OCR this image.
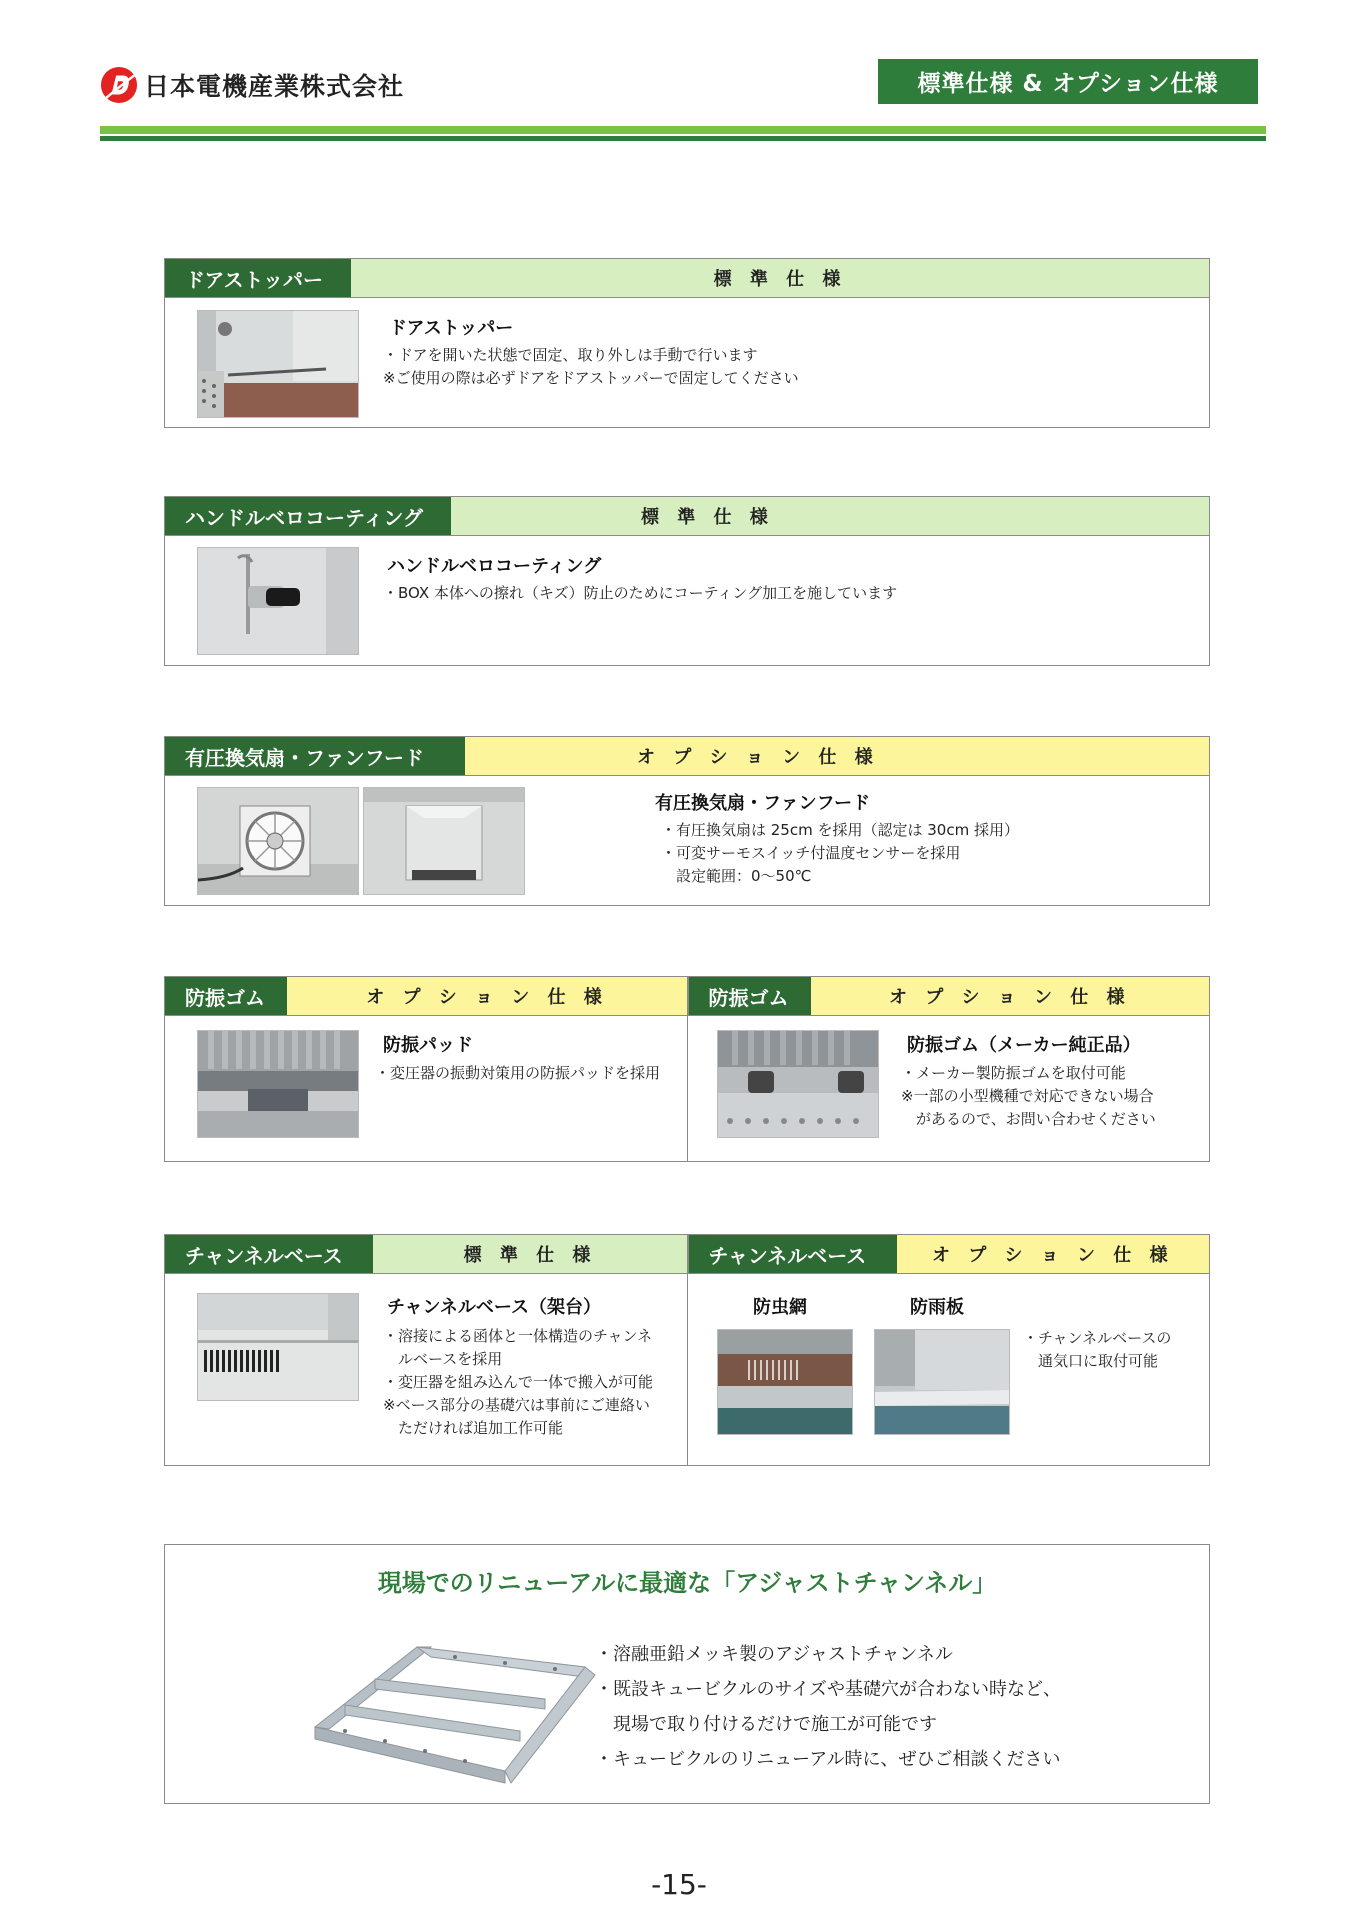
日本電機産業株式会社	標準仕様 & オプション仕様
ドアストッパー	標 準 仕 様
ドアストッパー
・ドアを開いた状態で固定、取り外しは手動で行います
※ご使用の際は必ずドアをドアストッパーで固定してください
ハンドルベロコーティング	標 準 仕 様
ハンドルベロコーティング
・BOX 本体への擦れ（キズ）防止のためにコーティング加工を施しています
有圧換気扇・ファンフード	オ プ シ ョ ン 仕 様
有圧換気扇・ファンフード
・有圧換気扇は 25cm を採用（認定は 30cm 採用）
・可変サーモスイッチ付温度センサーを採用
　設定範囲：0〜50℃
防振ゴム	オ プ シ ョ ン 仕 様	防振ゴム	オ プ シ ョ ン 仕 様
防振パッド
・変圧器の振動対策用の防振パッドを採用
防振ゴム（メーカー純正品）
・メーカー製防振ゴムを取付可能
※一部の小型機種で対応できない場合
　があるので、お問い合わせください
チャンネルベース	標 準 仕 様	チャンネルベース	オ プ シ ョ ン 仕 様
チャンネルベース（架台）
・溶接による函体と一体構造のチャンネ
　ルベースを採用
・変圧器を組み込んで一体で搬入が可能
※ベース部分の基礎穴は事前にご連絡い
　ただければ追加工作可能
防虫網	防雨板
・チャンネルベースの
　通気口に取付可能
現場でのリニューアルに最適な「アジャストチャンネル」
・溶融亜鉛メッキ製のアジャストチャンネル
・既設キュービクルのサイズや基礎穴が合わない時など、
　現場で取り付けるだけで施工が可能です
・キュービクルのリニューアル時に、ぜひご相談ください
-15-
